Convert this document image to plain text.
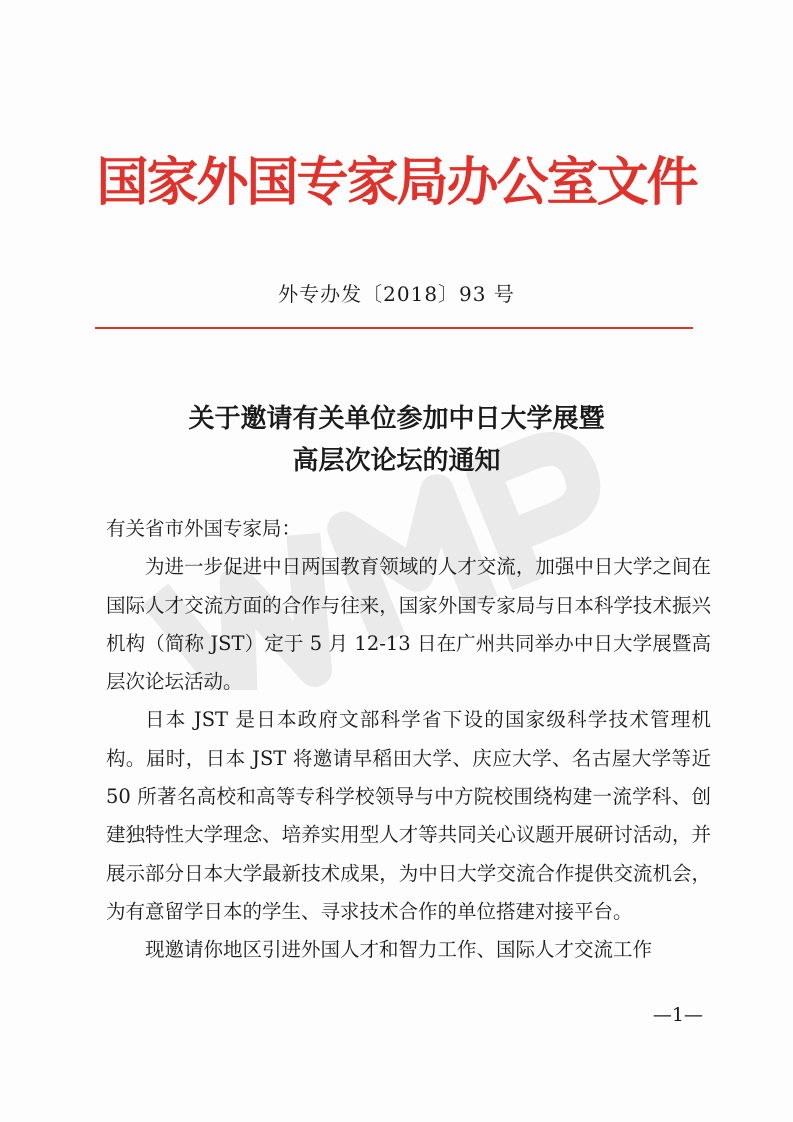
国家外国专家局办公室文件
外专办发〔2018〕93 号
关于邀请有关单位参加中日大学展暨
高层次论坛的通知

有关省市外国专家局：

为进一步促进中日两国教育领域的人才交流，加强中日大学之间在国际人才交流方面的合作与往来，国家外国专家局与日本科学技术振兴机构（简称 JST）定于 5 月 12-13 日在广州共同举办中日大学展暨高层次论坛活动。

日本 JST 是日本政府文部科学省下设的国家级科学技术管理机构。届时，日本 JST 将邀请早稻田大学、庆应大学、名古屋大学等近 50 所著名高校和高等专科学校领导与中方院校围绕构建一流学科、创建独特性大学理念、培养实用型人才等共同关心议题开展研讨活动，并展示部分日本大学最新技术成果，为中日大学交流合作提供交流机会，为有意留学日本的学生、寻求技术合作的单位搭建对接平台。

现邀请你地区引进外国人才和智力工作、国际人才交流工作

—1—
